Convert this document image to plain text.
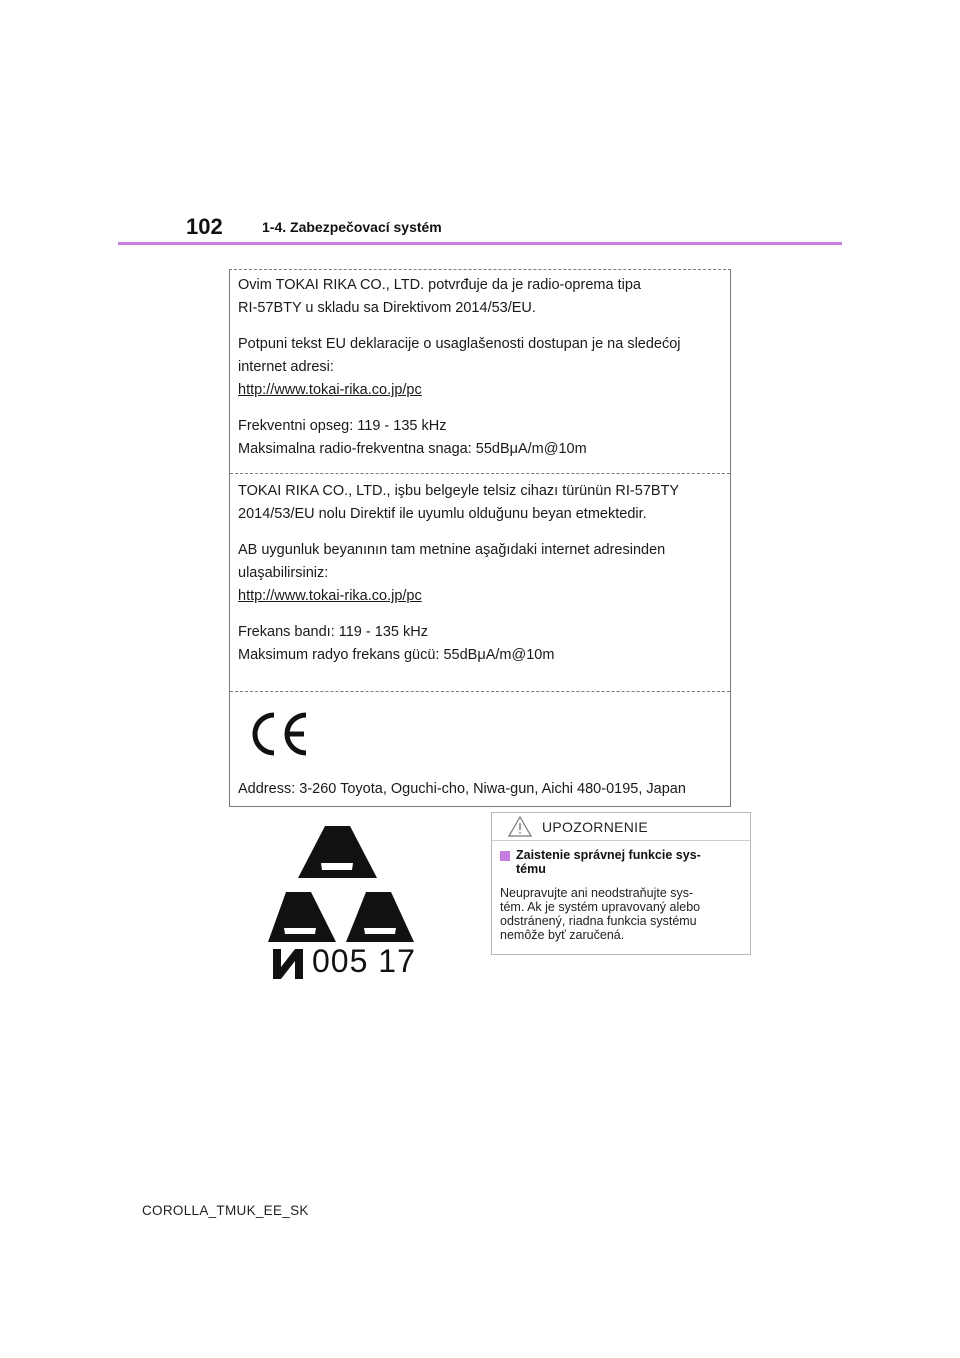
102	1-4. Zabezpečovací systém

Ovim TOKAI RIKA CO., LTD. potvrđuje da je radio-oprema tipa

RI-57BTY u skladu sa Direktivom 2014/53/EU.

Potpuni tekst EU deklaracije o usaglašenosti dostupan je na sledećoj

internet adresi:

http://www.tokai-rika.co.jp/pc

Frekventni opseg: 119 - 135 kHz

Maksimalna radio-frekventna snaga: 55dBμA/m@10m

TOKAI RIKA CO., LTD., işbu belgeyle telsiz cihazı türünün RI-57BTY

2014/53/EU nolu Direktif ile uyumlu olduğunu beyan etmektedir.

AB uygunluk beyanının tam metnine aşağıdaki internet adresinden

ulaşabilirsiniz:

http://www.tokai-rika.co.jp/pc

Frekans bandı: 119 - 135 kHz

Maksimum radyo frekans gücü: 55dBμA/m@10m

Address: 3-260 Toyota, Oguchi-cho, Niwa-gun, Aichi 480-0195, Japan

005 17
UPOZORNENIE
Zaistenie správnej funkcie sys-
tému
Neupravujte ani neodstraňujte sys-
tém. Ak je systém upravovaný alebo
odstránený, riadna funkcia systému
nemôže byť zaručená.
COROLLA_TMUK_EE_SK
